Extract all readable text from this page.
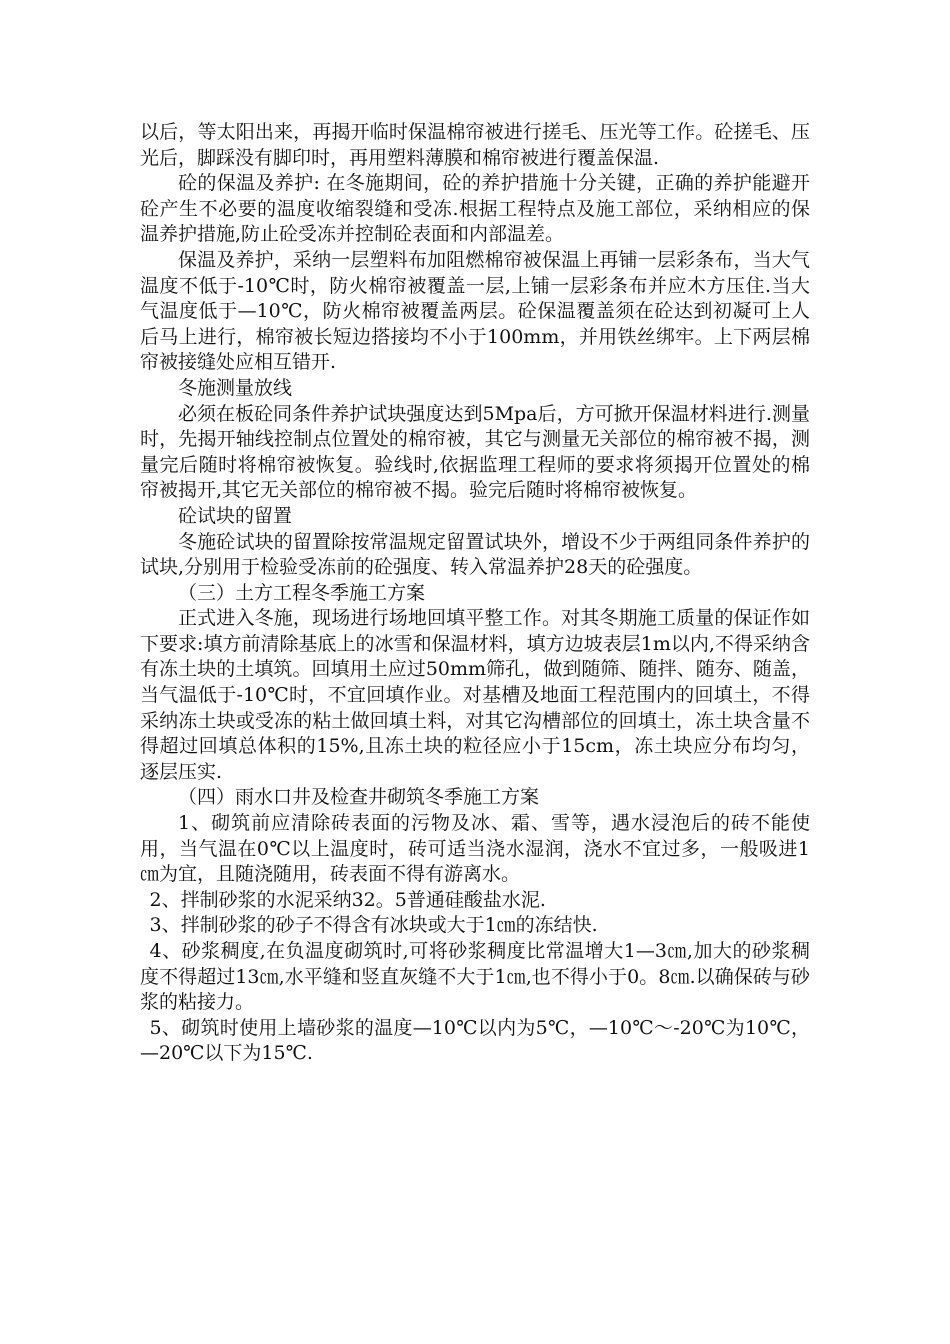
以后，等太阳出来，再揭开临时保温棉帘被进行搓毛、压光等工作。砼搓毛、压光后，脚踩没有脚印时，再用塑料薄膜和棉帘被进行覆盖保温.

砼的保温及养护: 在冬施期间，砼的养护措施十分关键，正确的养护能避开砼产生不必要的温度收缩裂缝和受冻.根据工程特点及施工部位，采纳相应的保温养护措施,防止砼受冻并控制砼表面和内部温差。

保温及养护，采纳一层塑料布加阻燃棉帘被保温上再铺一层彩条布，当大气温度不低于-10℃时，防火棉帘被覆盖一层,上铺一层彩条布并应木方压住.当大气温度低于—10℃，防火棉帘被覆盖两层。砼保温覆盖须在砼达到初凝可上人后马上进行，棉帘被长短边搭接均不小于100mm，并用铁丝绑牢。上下两层棉帘被接缝处应相互错开.

冬施测量放线

必须在板砼同条件养护试块强度达到5Mpa后，方可掀开保温材料进行.测量时，先揭开轴线控制点位置处的棉帘被，其它与测量无关部位的棉帘被不揭，测量完后随时将棉帘被恢复。验线时,依据监理工程师的要求将须揭开位置处的棉帘被揭开,其它无关部位的棉帘被不揭。验完后随时将棉帘被恢复。

砼试块的留置

冬施砼试块的留置除按常温规定留置试块外，增设不少于两组同条件养护的试块,分别用于检验受冻前的砼强度、转入常温养护28天的砼强度。

（三）土方工程冬季施工方案

正式进入冬施，现场进行场地回填平整工作。对其冬期施工质量的保证作如下要求:填方前清除基底上的冰雪和保温材料，填方边坡表层1m以内,不得采纳含有冻土块的土填筑。回填用土应过50mm筛孔，做到随筛、随拌、随夯、随盖，当气温低于-10℃时，不宜回填作业。对基槽及地面工程范围内的回填土，不得采纳冻土块或受冻的粘土做回填土料，对其它沟槽部位的回填土，冻土块含量不得超过回填总体积的15%,且冻土块的粒径应小于15cm，冻土块应分布均匀，逐层压实.

（四）雨水口井及检查井砌筑冬季施工方案

1、砌筑前应清除砖表面的污物及冰、霜、雪等，遇水浸泡后的砖不能使用，当气温在0℃以上温度时，砖可适当浇水湿润，浇水不宜过多，一般吸进1㎝为宜，且随浇随用，砖表面不得有游离水。

2、拌制砂浆的水泥采纳32。5普通硅酸盐水泥.

3、拌制砂浆的砂子不得含有冰块或大于1㎝的冻结快.

4、砂浆稠度,在负温度砌筑时,可将砂浆稠度比常温增大1—3㎝,加大的砂浆稠度不得超过13㎝,水平缝和竖直灰缝不大于1㎝,也不得小于0。8㎝.以确保砖与砂浆的粘接力。

5、砌筑时使用上墙砂浆的温度—10℃以内为5℃，—10℃～-20℃为10℃，—20℃以下为15℃.
